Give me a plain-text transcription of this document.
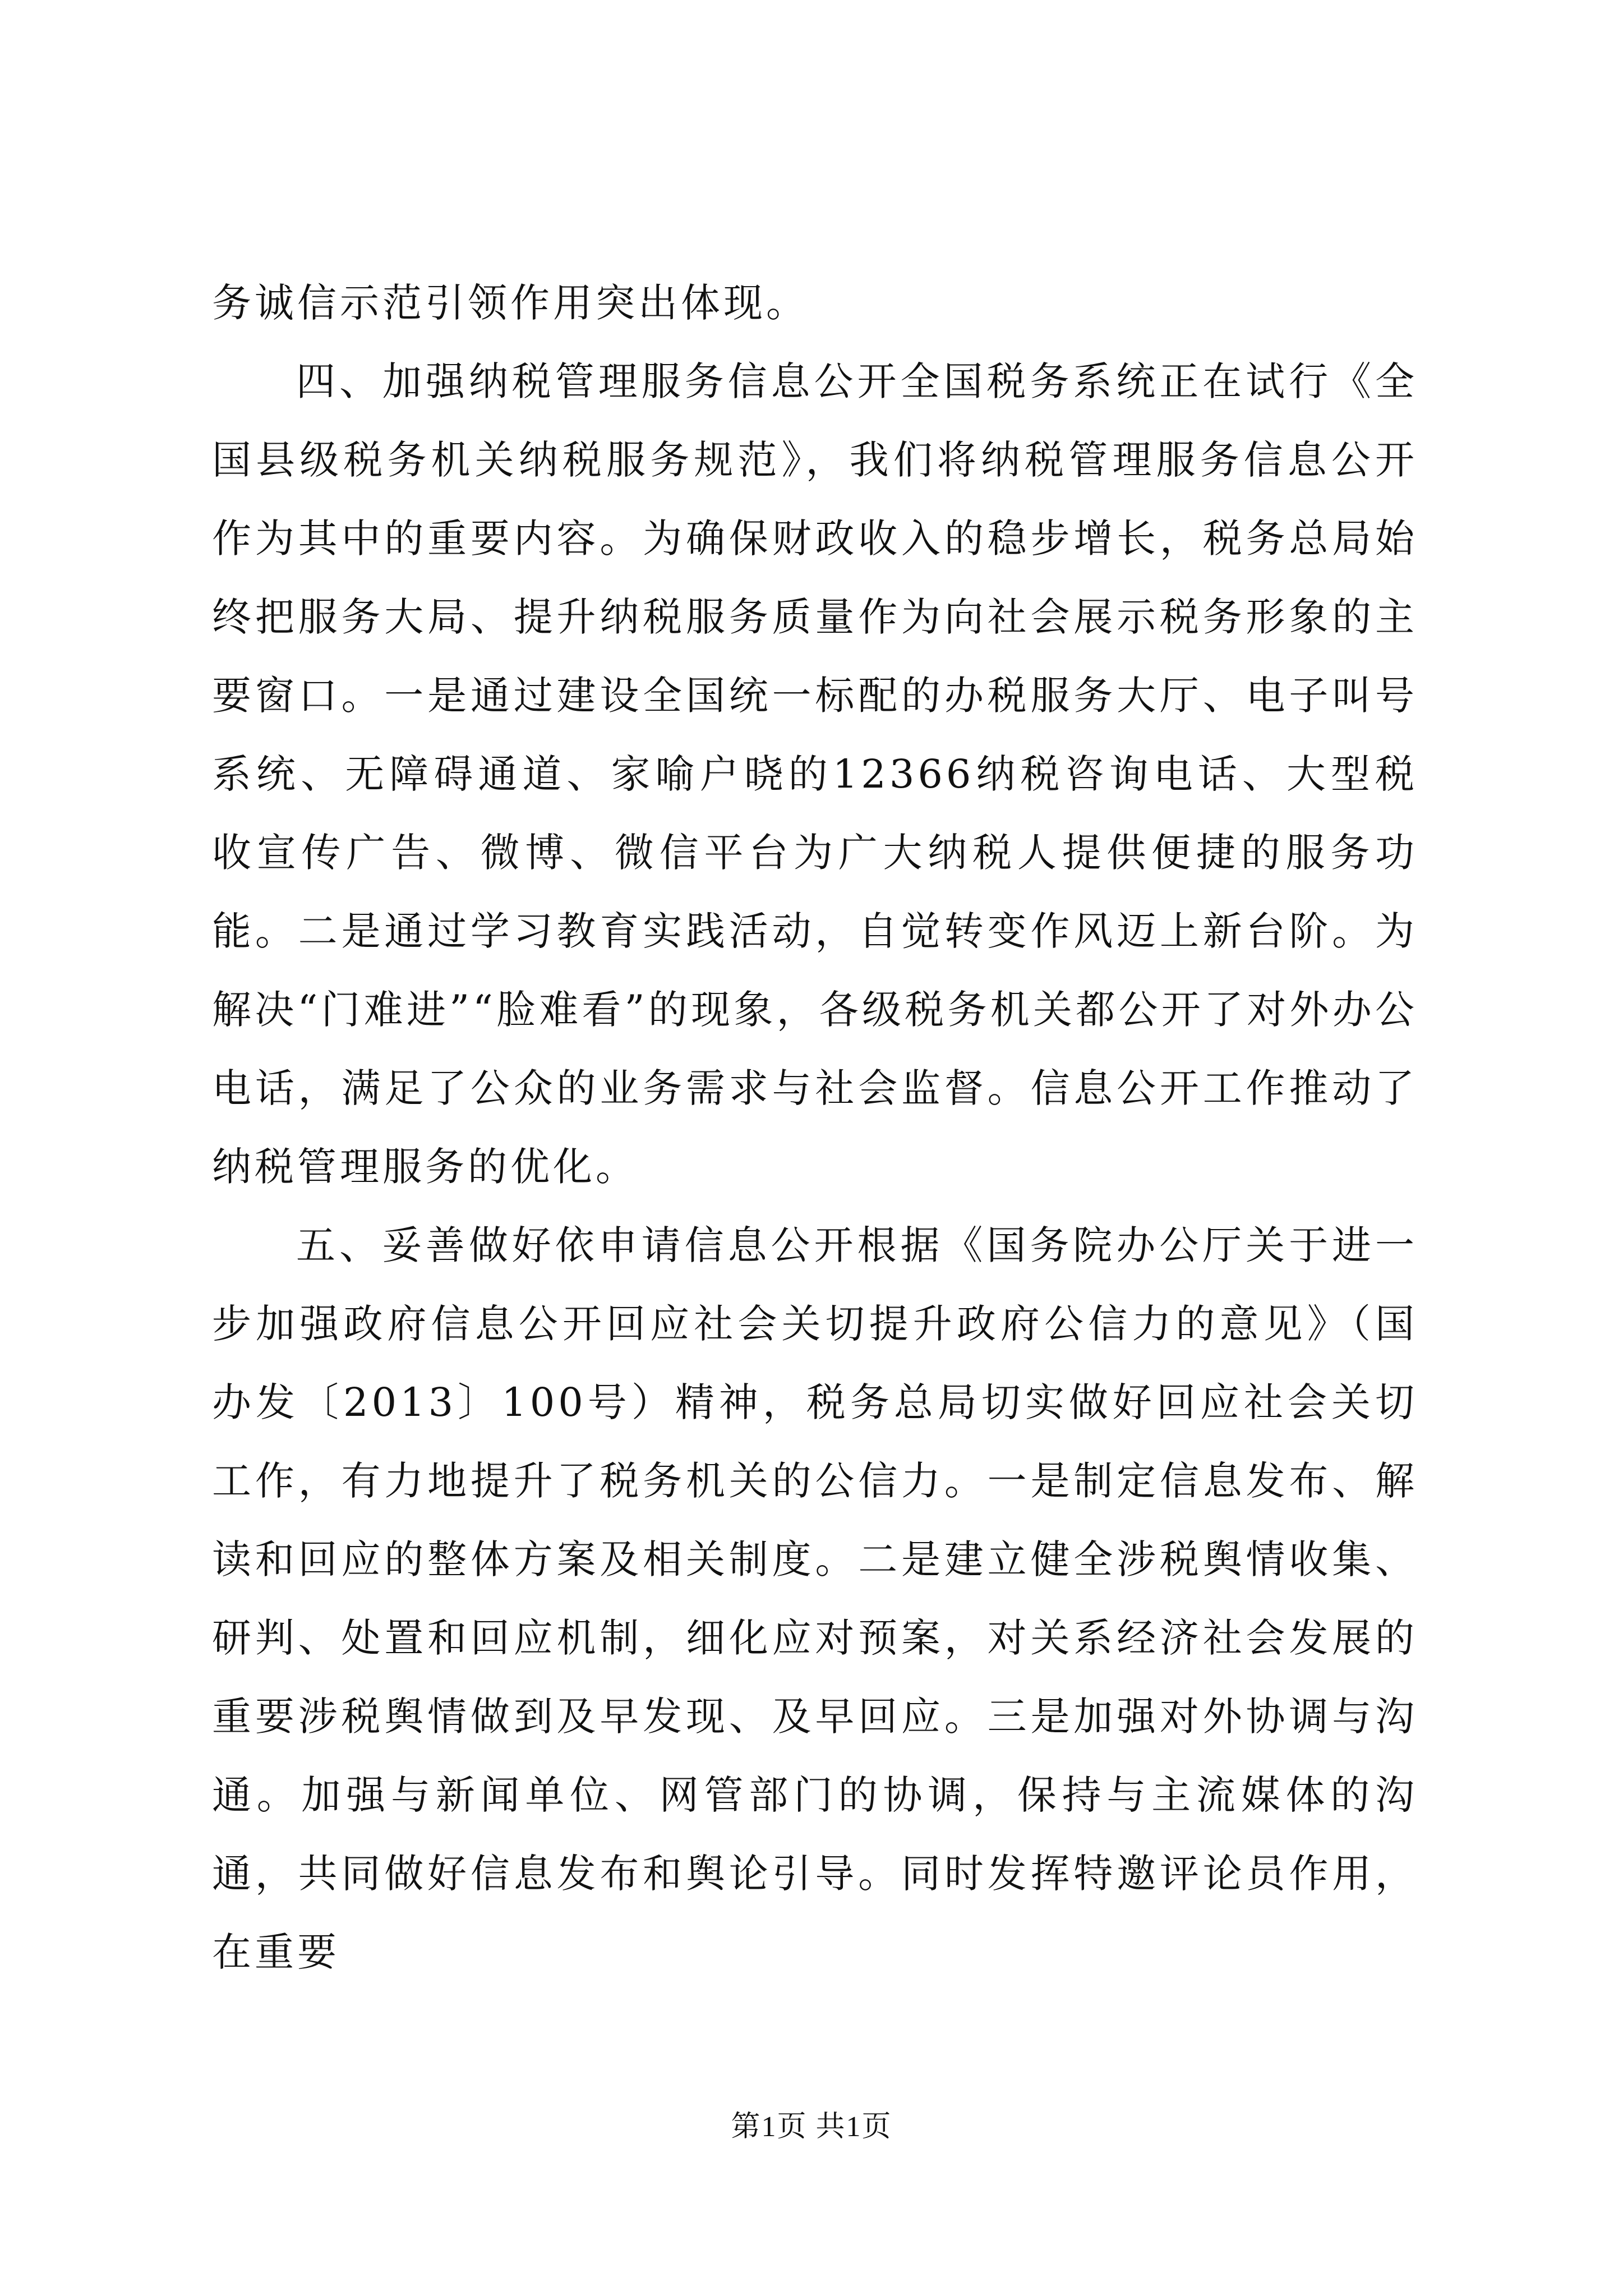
务诚信示范引领作用突出体现。

四、加强纳税管理服务信息公开全国税务系统正在试行《全国县级税务机关纳税服务规范》，我们将纳税管理服务信息公开作为其中的重要内容。为确保财政收入的稳步增长，税务总局始终把服务大局、提升纳税服务质量作为向社会展示税务形象的主要窗口。一是通过建设全国统一标配的办税服务大厅、电子叫号系统、无障碍通道、家喻户晓的12366纳税咨询电话、大型税收宣传广告、微博、微信平台为广大纳税人提供便捷的服务功能。二是通过学习教育实践活动，自觉转变作风迈上新台阶。为解决“门难进”“脸难看”的现象，各级税务机关都公开了对外办公电话，满足了公众的业务需求与社会监督。信息公开工作推动了纳税管理服务的优化。

五、妥善做好依申请信息公开根据《国务院办公厅关于进一步加强政府信息公开回应社会关切提升政府公信力的意见》（国办发〔2013〕100号）精神，税务总局切实做好回应社会关切工作，有力地提升了税务机关的公信力。一是制定信息发布、解读和回应的整体方案及相关制度。二是建立健全涉税舆情收集、研判、处置和回应机制，细化应对预案，对关系经济社会发展的重要涉税舆情做到及早发现、及早回应。三是加强对外协调与沟通。加强与新闻单位、网管部门的协调，保持与主流媒体的沟通，共同做好信息发布和舆论引导。同时发挥特邀评论员作用，在重要

第1页 共1页
